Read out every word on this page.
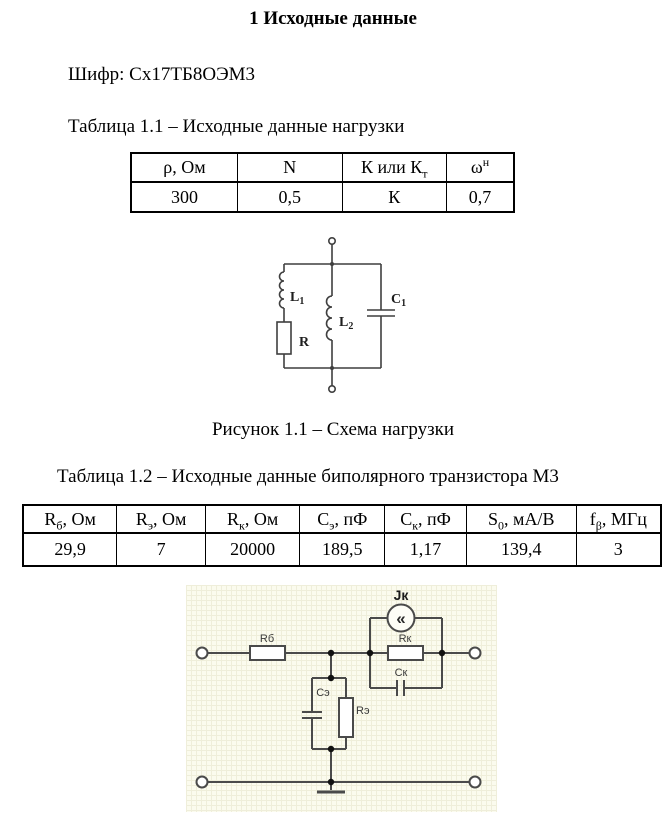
1 Исходные данные
Шифр: Сх17ТБ8ОЭМ3
Таблица 1.1 – Исходные данные нагрузки
ρ, Ом	N	К или $К_т$	$\omega^н$
300	0,5	К	0,7
$L_1$
$L_2$
$C_1$
R
Рисунок 1.1 – Схема нагрузки
Таблица 1.2 – Исходные данные биполярного транзистора М3
$R_б$, Ом	$R_э$, Ом	$R_к$, Ом	$С_э$, пФ	$С_к$, пФ	$S_0$, мА/В	$f_\beta$, МГц
29,9	7	20000	189,5	1,17	139,4	3
«
Jк
Rб	Rк
Ск
Сэ
Rэ
